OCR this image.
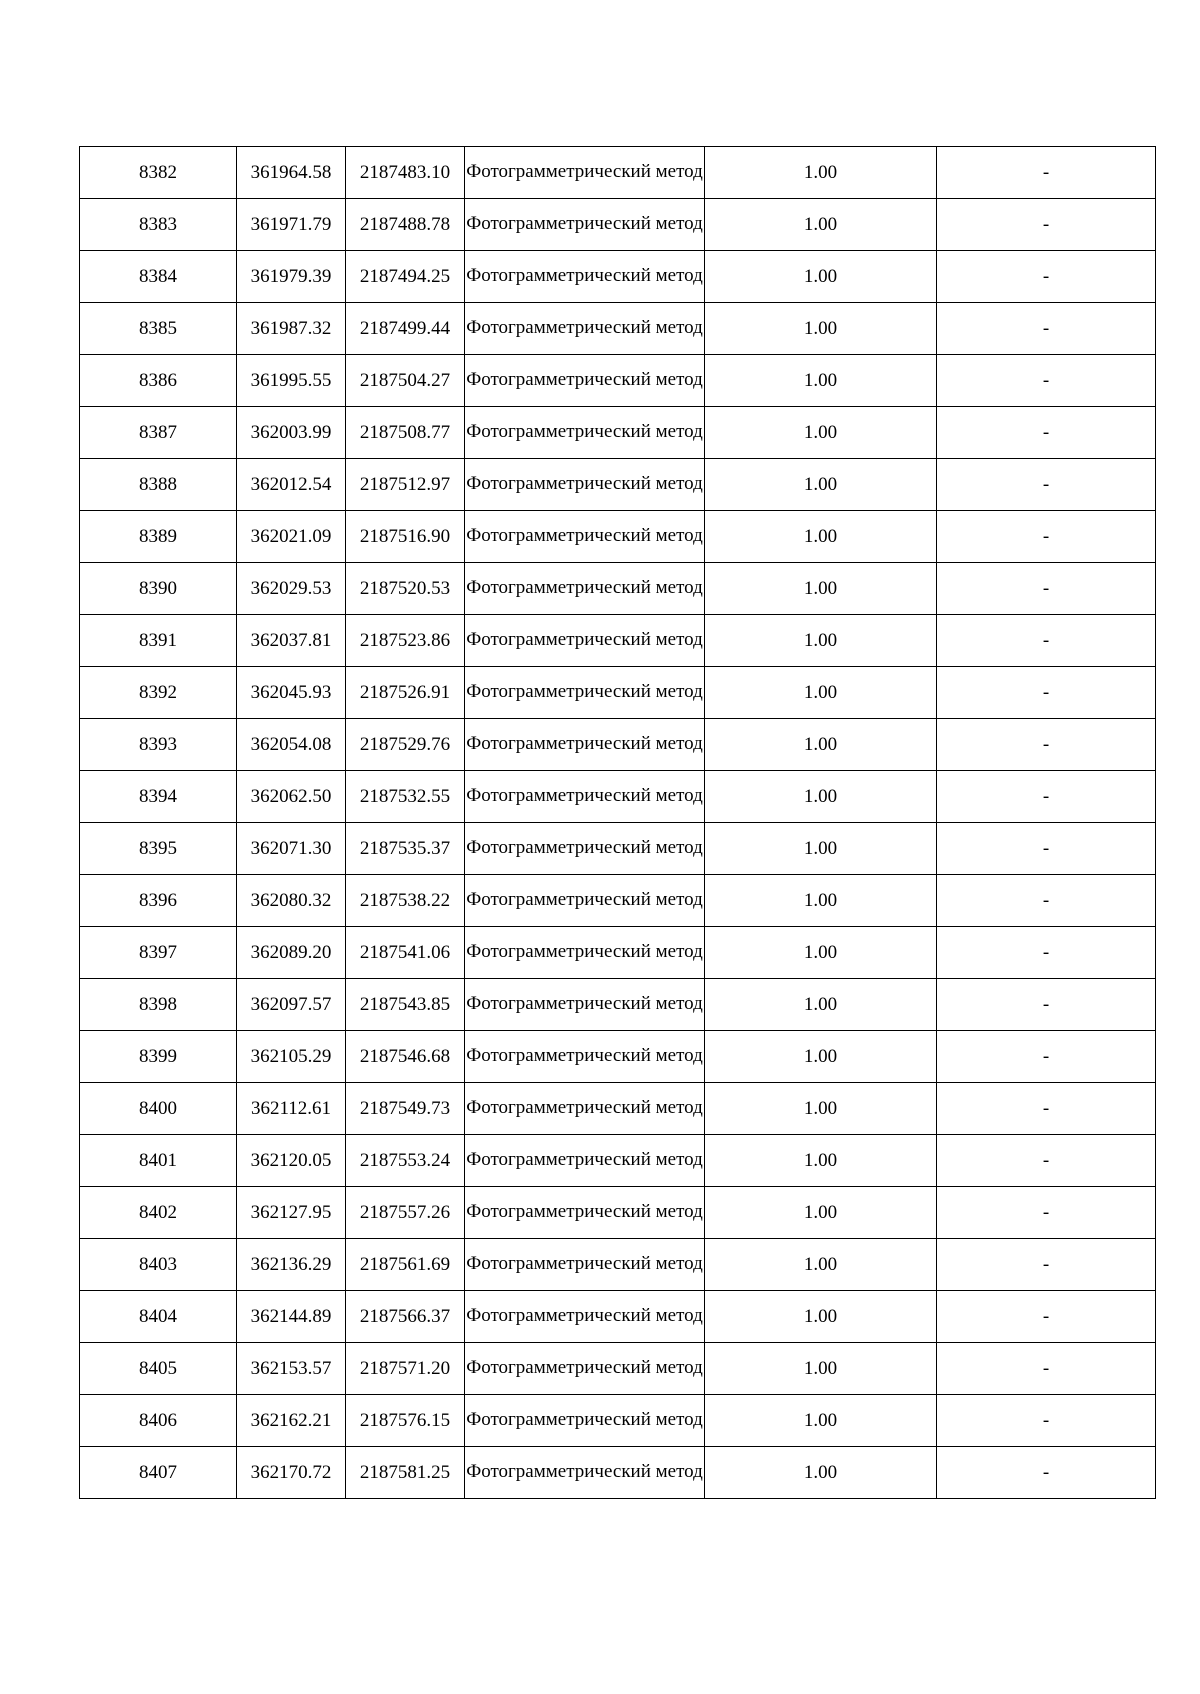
8382	361964.58	2187483.10	Фотограмметрический метод	1.00	-
8383	361971.79	2187488.78	Фотограмметрический метод	1.00	-
8384	361979.39	2187494.25	Фотограмметрический метод	1.00	-
8385	361987.32	2187499.44	Фотограмметрический метод	1.00	-
8386	361995.55	2187504.27	Фотограмметрический метод	1.00	-
8387	362003.99	2187508.77	Фотограмметрический метод	1.00	-
8388	362012.54	2187512.97	Фотограмметрический метод	1.00	-
8389	362021.09	2187516.90	Фотограмметрический метод	1.00	-
8390	362029.53	2187520.53	Фотограмметрический метод	1.00	-
8391	362037.81	2187523.86	Фотограмметрический метод	1.00	-
8392	362045.93	2187526.91	Фотограмметрический метод	1.00	-
8393	362054.08	2187529.76	Фотограмметрический метод	1.00	-
8394	362062.50	2187532.55	Фотограмметрический метод	1.00	-
8395	362071.30	2187535.37	Фотограмметрический метод	1.00	-
8396	362080.32	2187538.22	Фотограмметрический метод	1.00	-
8397	362089.20	2187541.06	Фотограмметрический метод	1.00	-
8398	362097.57	2187543.85	Фотограмметрический метод	1.00	-
8399	362105.29	2187546.68	Фотограмметрический метод	1.00	-
8400	362112.61	2187549.73	Фотограмметрический метод	1.00	-
8401	362120.05	2187553.24	Фотограмметрический метод	1.00	-
8402	362127.95	2187557.26	Фотограмметрический метод	1.00	-
8403	362136.29	2187561.69	Фотограмметрический метод	1.00	-
8404	362144.89	2187566.37	Фотограмметрический метод	1.00	-
8405	362153.57	2187571.20	Фотограмметрический метод	1.00	-
8406	362162.21	2187576.15	Фотограмметрический метод	1.00	-
8407	362170.72	2187581.25	Фотограмметрический метод	1.00	-
